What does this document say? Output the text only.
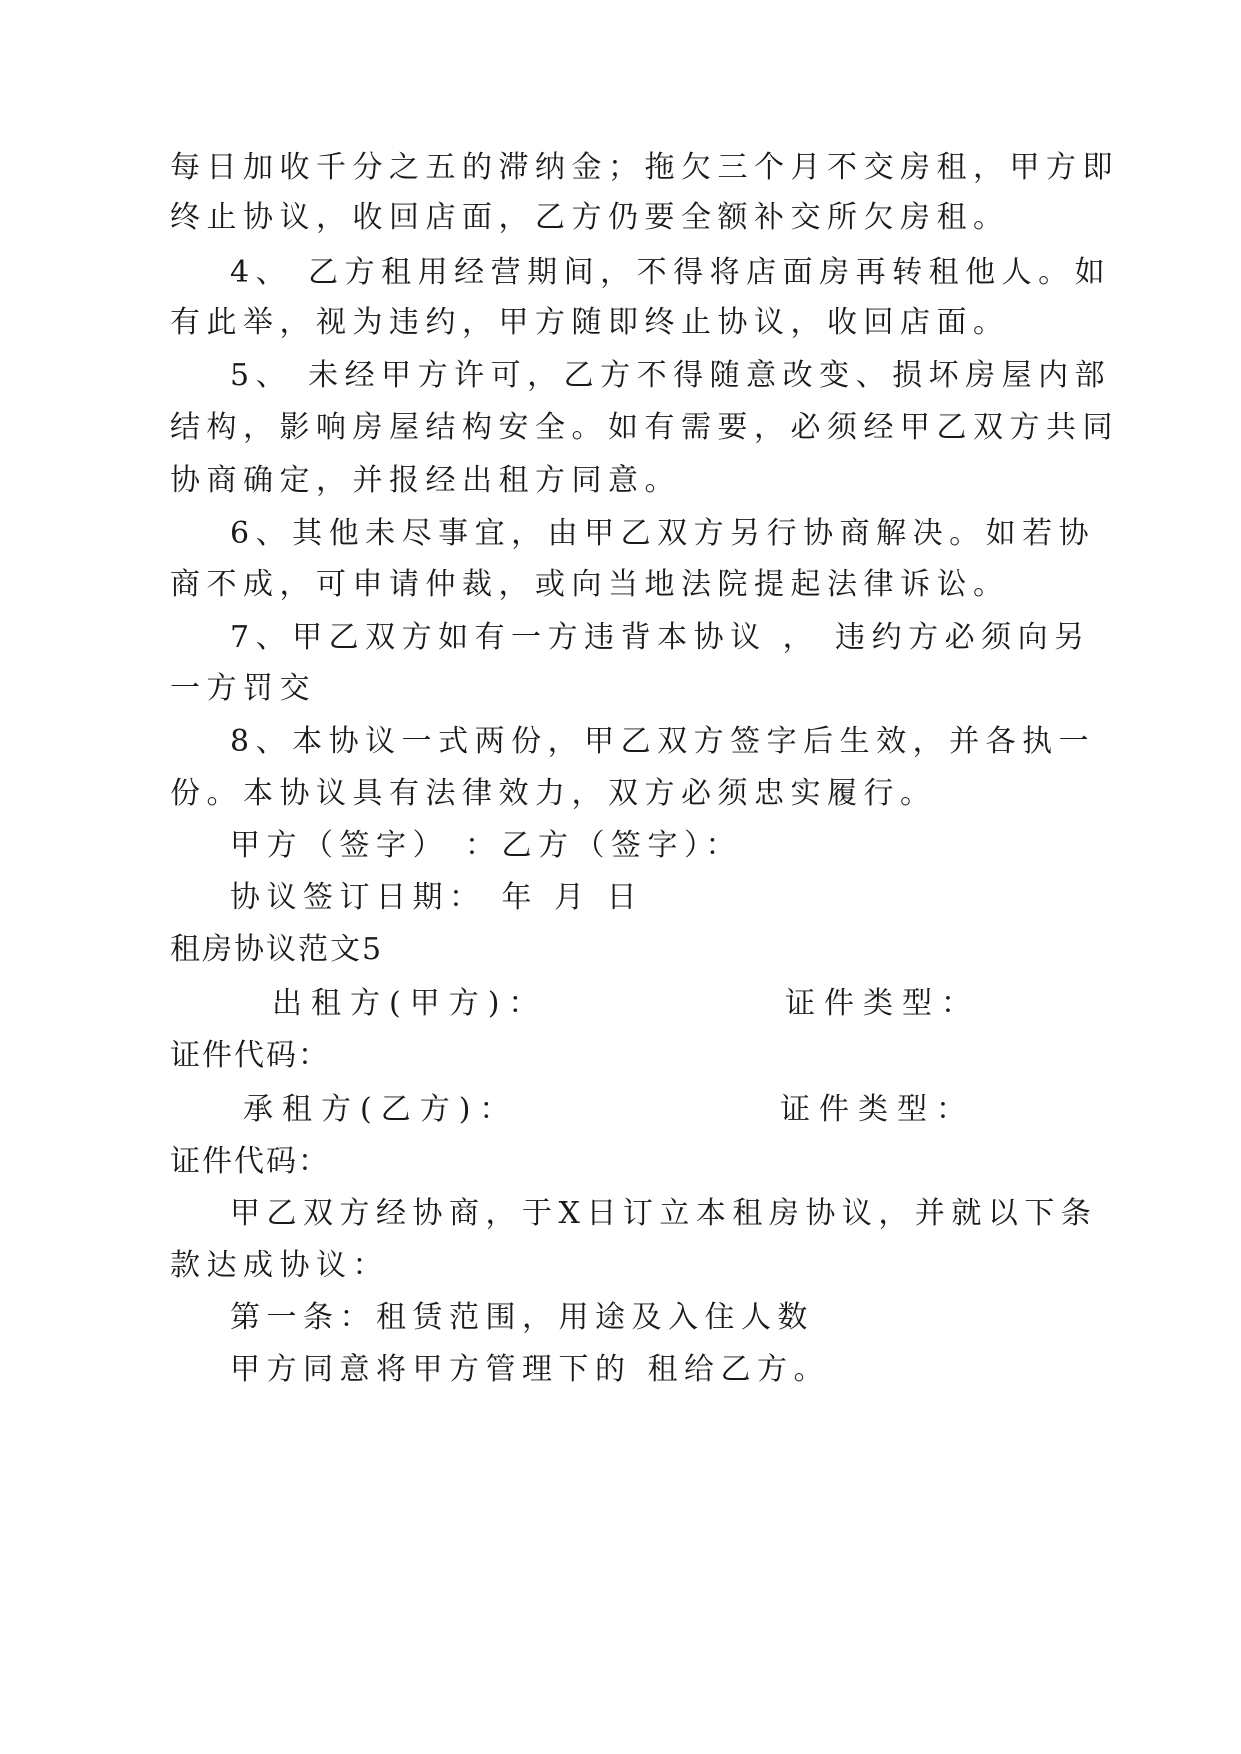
每日加收千分之五的滞纳金；拖欠三个月不交房租，甲方即
终止协议，收回店面，乙方仍要全额补交所欠房租。
4、 乙方租用经营期间，不得将店面房再转租他人。如
有此举，视为违约，甲方随即终止协议，收回店面。
5、 未经甲方许可，乙方不得随意改变、损坏房屋内部
结构，影响房屋结构安全。如有需要，必须经甲乙双方共同
协商确定，并报经出租方同意。
6、其他未尽事宜，由甲乙双方另行协商解决。如若协
商不成，可申请仲裁，或向当地法院提起法律诉讼。
7、甲乙双方如有一方违背本协议 ， 违约方必须向另
一方罚交
8、本协议一式两份，甲乙双方签字后生效，并各执一
份。本协议具有法律效力，双方必须忠实履行。
甲方（签字） ：乙方（签字）：
协议签订日期： 年 月 日
租房协议范文5
出租方(甲方)：	证件类型：
证件代码：
承租方(乙方)：	证件类型：
证件代码：
甲乙双方经协商，于X日订立本租房协议，并就以下条
款达成协议：
第一条：租赁范围，用途及入住人数
甲方同意将甲方管理下的 租给乙方。
